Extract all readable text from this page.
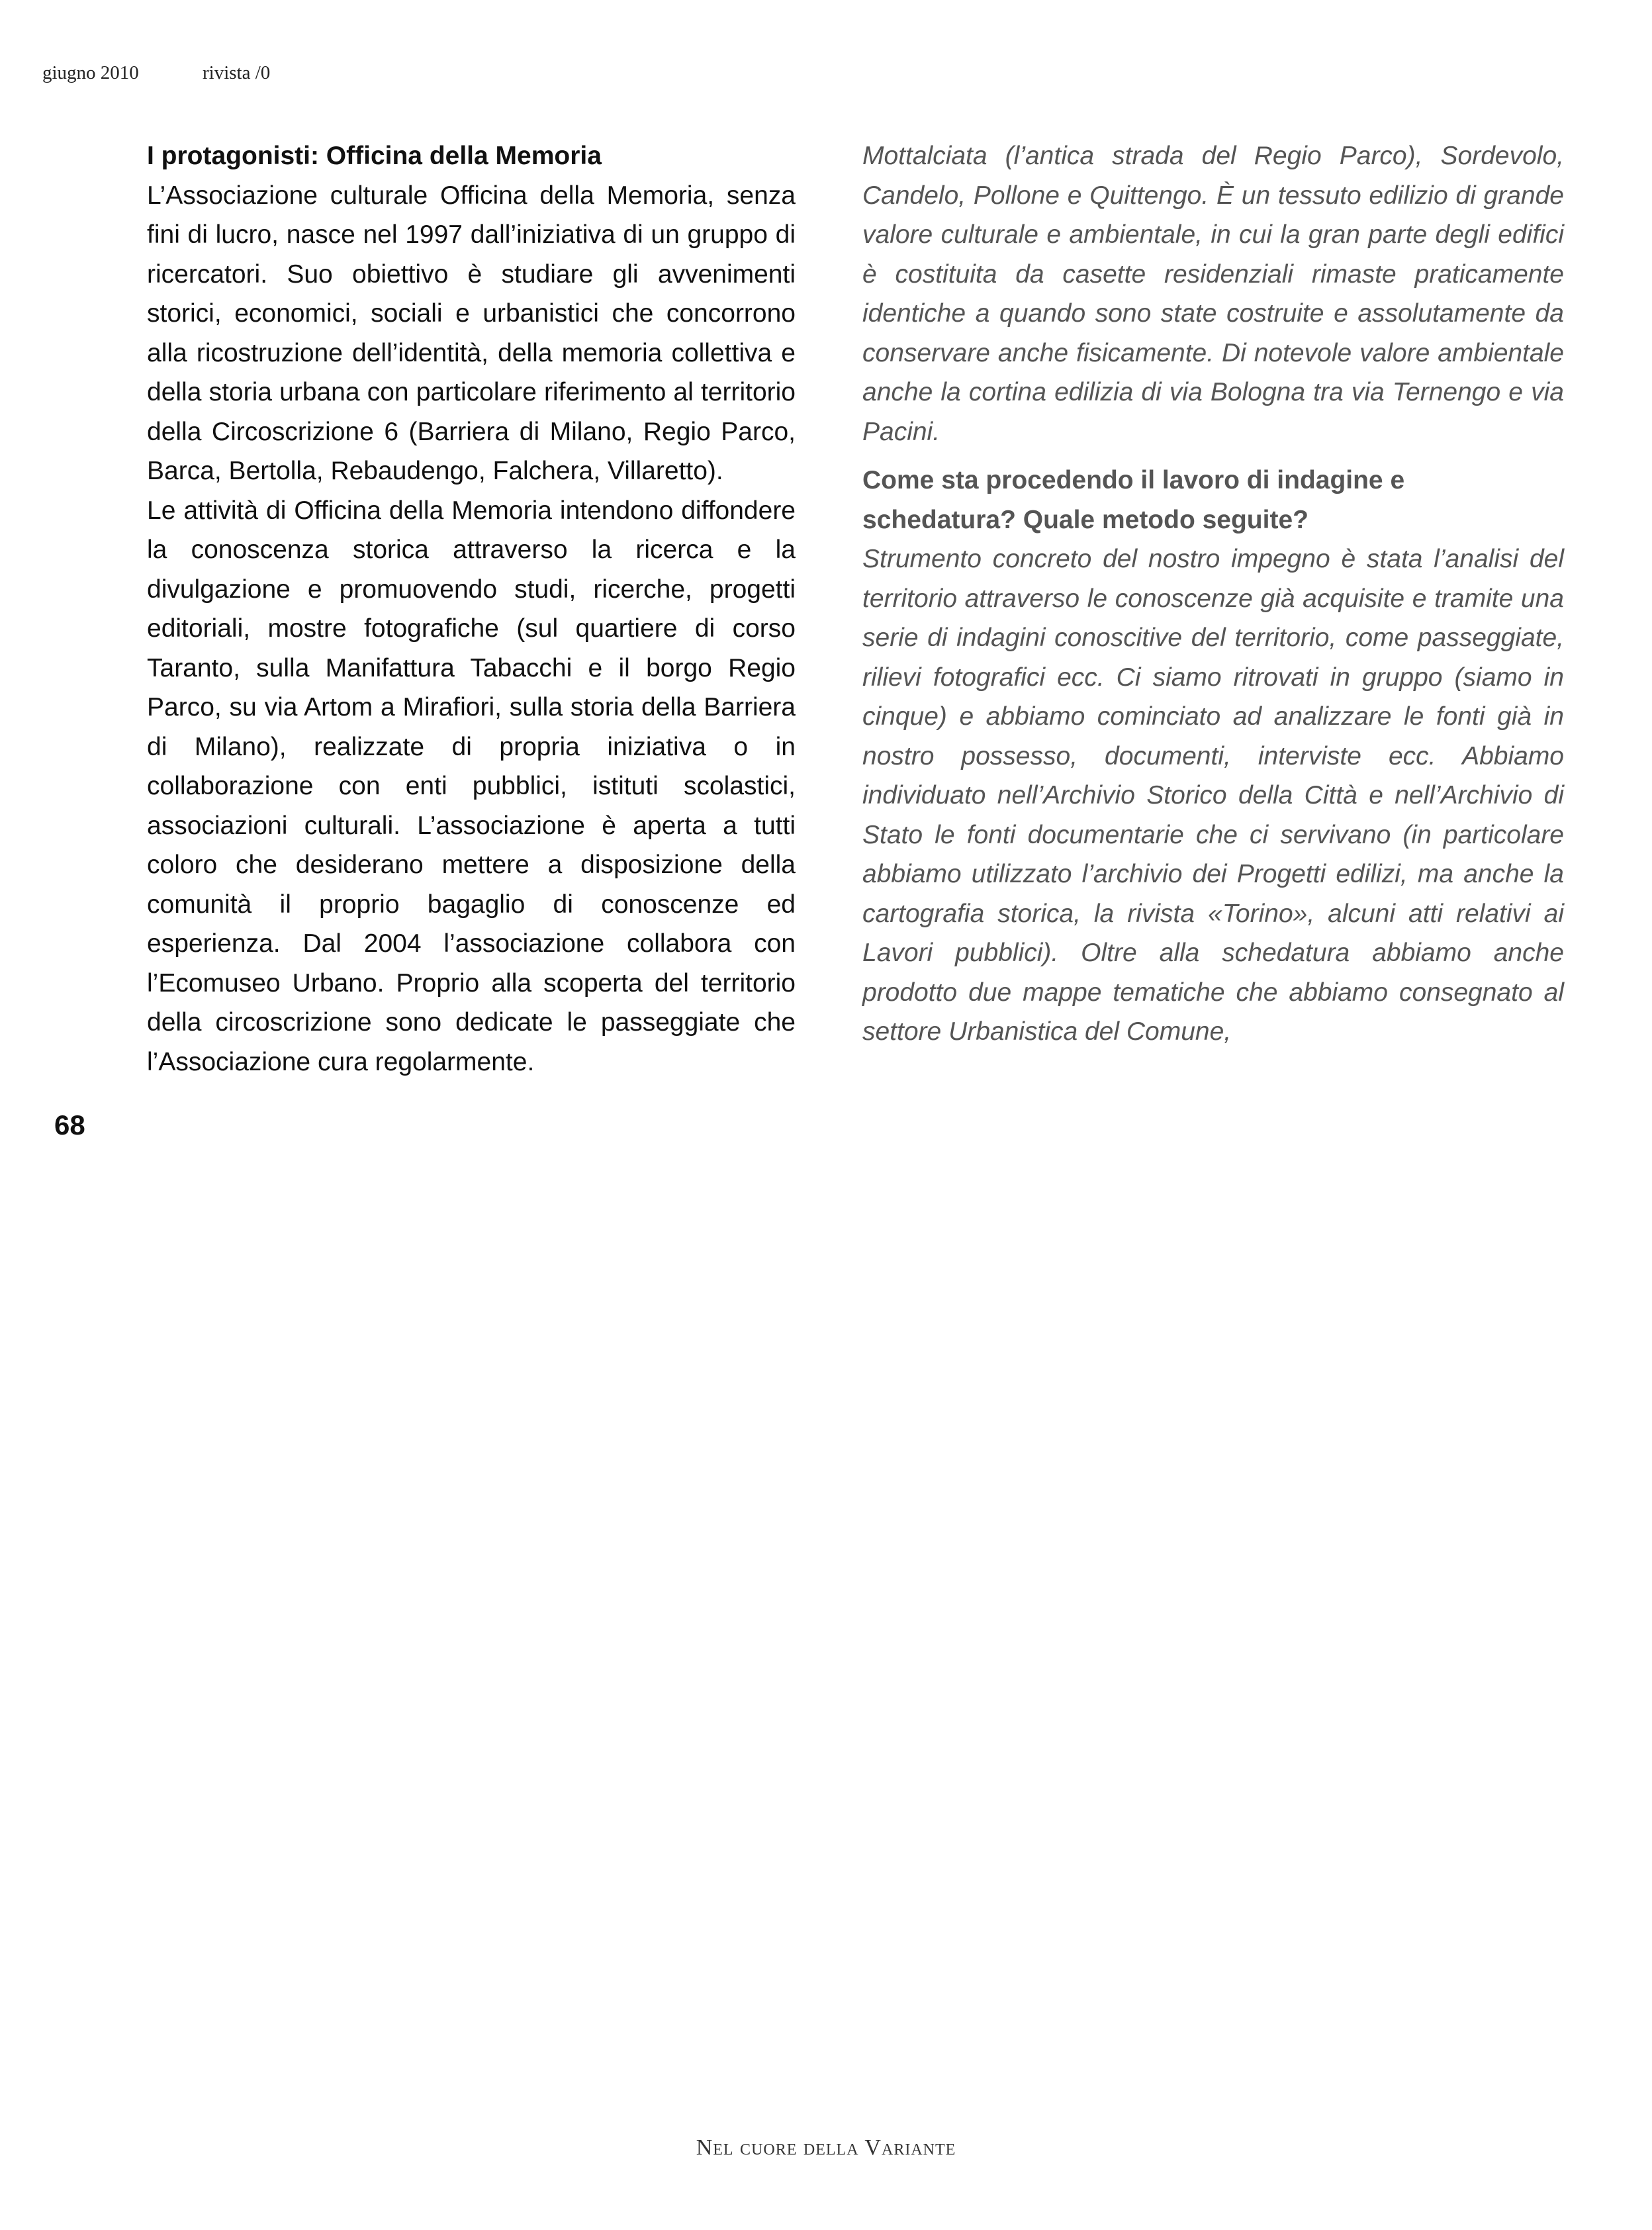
giugno 2010	rivista /0

I protagonisti: Officina della Memoria

L’Associazione culturale Officina della Memoria, senza fini di lucro, nasce nel 1997 dall’iniziativa di un gruppo di ricercatori. Suo obiettivo è studiare gli avvenimenti storici, economici, sociali e urbanistici che concorrono alla ricostruzione dell’identità, della memoria collettiva e della storia urbana con particolare riferimento al territorio della Circoscrizione 6 (Barriera di Milano, Regio Parco, Barca, Bertolla, Rebaudengo, Falchera, Villaretto).

Le attività di Officina della Memoria intendono diffondere la conoscenza storica attraverso la ricerca e la divulgazione e promuovendo studi, ricerche, progetti editoriali, mostre fotografiche (sul quartiere di corso Taranto, sulla Manifattura Tabacchi e il borgo Regio Parco, su via Artom a Mirafiori, sulla storia della Barriera di Milano), realizzate di propria iniziativa o in collaborazione con enti pubblici, istituti scolastici, associazioni culturali. L’associazione è aperta a tutti coloro che desiderano mettere a disposizione della comunità il proprio bagaglio di conoscenze ed esperienza. Dal 2004 l’associazione collabora con l’Ecomuseo Urbano. Proprio alla scoperta del territorio della circoscrizione sono dedicate le passeggiate che l’Associazione cura regolarmente.

Mottalciata (l’antica strada del Regio Parco), Sordevolo, Candelo, Pollone e Quittengo. È un tessuto edilizio di grande valore culturale e ambientale, in cui la gran parte degli edifici è costituita da casette residenziali rimaste praticamente identiche a quando sono state costruite e assolutamente da conservare anche fisicamente. Di notevole valore ambientale anche la cortina edilizia di via Bologna tra via Ternengo e via Pacini.

Come sta procedendo il lavoro di indagine e schedatura? Quale metodo seguite?

Strumento concreto del nostro impegno è stata l’analisi del territorio attraverso le conoscenze già acquisite e tramite una serie di indagini conoscitive del territorio, come passeggiate, rilievi fotografici ecc. Ci siamo ritrovati in gruppo (siamo in cinque) e abbiamo cominciato ad analizzare le fonti già in nostro possesso, documenti, interviste ecc. Abbiamo individuato nell’Archivio Storico della Città e nell’Archivio di Stato le fonti documentarie che ci servivano (in particolare abbiamo utilizzato l’archivio dei Progetti edilizi, ma anche la cartografia storica, la rivista «Torino», alcuni atti relativi ai Lavori pubblici). Oltre alla schedatura abbiamo anche prodotto due mappe tematiche che abbiamo consegnato al settore Urbanistica del Comune,

68
Nel cuore della Variante
